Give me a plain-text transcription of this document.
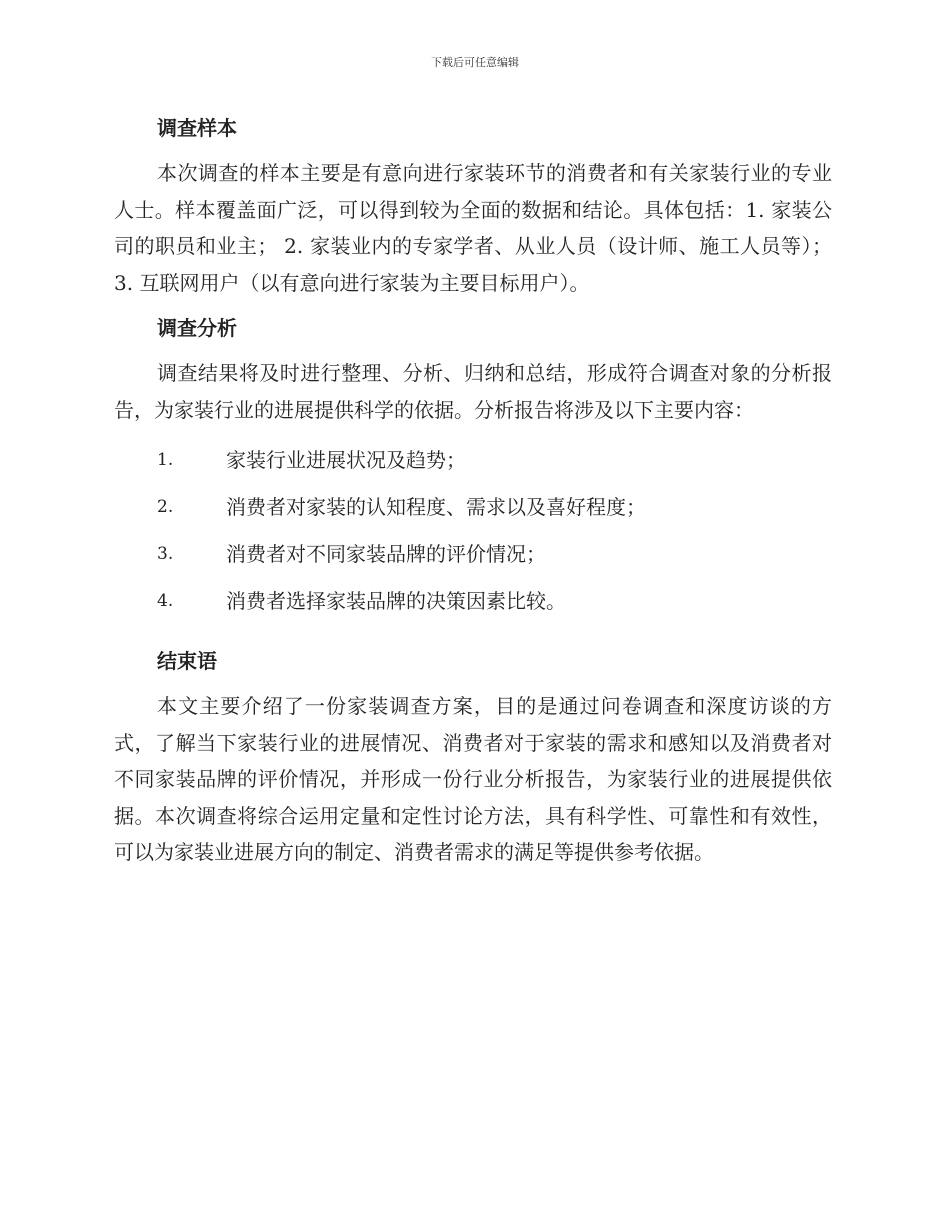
下载后可任意编辑
调查样本

本次调查的样本主要是有意向进行家装环节的消费者和有关家装行业的专业人士。样本覆盖面广泛，可以得到较为全面的数据和结论。具体包括：1. 家装公司的职员和业主； 2. 家装业内的专家学者、从业人员（设计师、施工人员等）； 3. 互联网用户（以有意向进行家装为主要目标用户）。

调查分析

调查结果将及时进行整理、分析、归纳和总结，形成符合调查对象的分析报告，为家装行业的进展提供科学的依据。分析报告将涉及以下主要内容：

1.	家装行业进展状况及趋势；
2.	消费者对家装的认知程度、需求以及喜好程度；
3.	消费者对不同家装品牌的评价情况；
4.	消费者选择家装品牌的决策因素比较。
结束语

本文主要介绍了一份家装调查方案，目的是通过问卷调查和深度访谈的方式，了解当下家装行业的进展情况、消费者对于家装的需求和感知以及消费者对不同家装品牌的评价情况，并形成一份行业分析报告，为家装行业的进展提供依据。本次调查将综合运用定量和定性讨论方法，具有科学性、可靠性和有效性，可以为家装业进展方向的制定、消费者需求的满足等提供参考依据。
